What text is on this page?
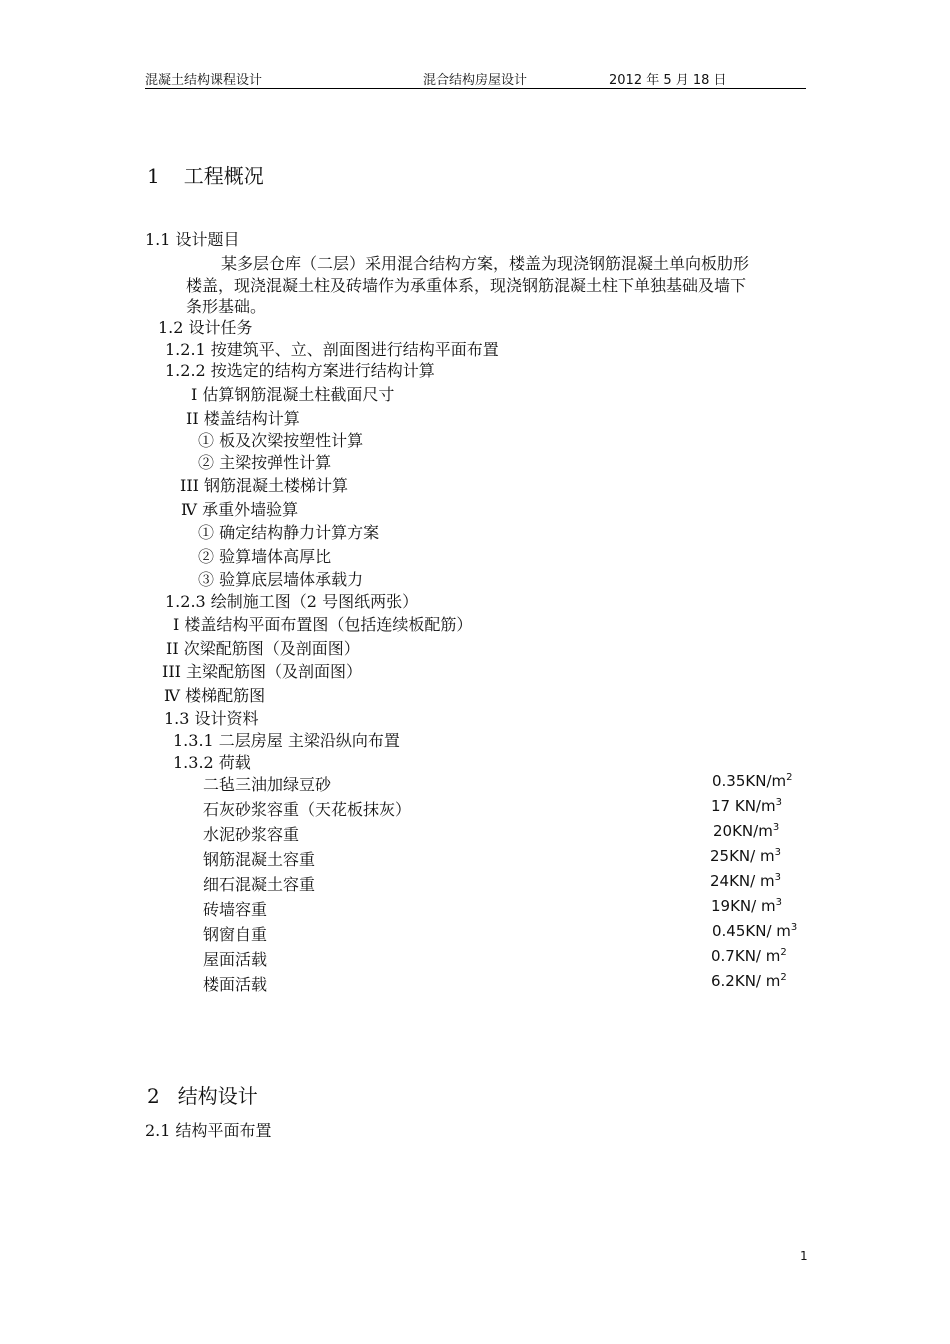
混凝土结构课程设计	混合结构房屋设计	2012 年 5 月 18 日
1 工程概况
1.1 设计题目
某多层仓库（二层）采用混合结构方案，楼盖为现浇钢筋混凝土单向板肋形
楼盖，现浇混凝土柱及砖墙作为承重体系，现浇钢筋混凝土柱下单独基础及墙下
条形基础。
1.2 设计任务
1.2.1 按建筑平、立、剖面图进行结构平面布置
1.2.2 按选定的结构方案进行结构计算
I 估算钢筋混凝土柱截面尺寸
II 楼盖结构计算
① 板及次梁按塑性计算
② 主梁按弹性计算
III 钢筋混凝土楼梯计算
Ⅳ 承重外墙验算
① 确定结构静力计算方案
② 验算墙体高厚比
③ 验算底层墙体承载力
1.2.3 绘制施工图（2 号图纸两张）
I 楼盖结构平面布置图（包括连续板配筋）
II 次梁配筋图（及剖面图）
III 主梁配筋图（及剖面图）
Ⅳ 楼梯配筋图
1.3 设计资料
1.3.1 二层房屋 主梁沿纵向布置
1.3.2 荷载
二毡三油加绿豆砂	$0.35KN/m^2$
石灰砂浆容重（天花板抹灰）	17 $KN/m^3$
水泥砂浆容重	$20KN/m^3$
钢筋混凝土容重	25KN/ $m^3$
细石混凝土容重	24KN/ $m^3$
砖墙容重	19KN/ $m^3$
钢窗自重	0.45KN/ $m^3$
屋面活载	0.7KN/ $m^2$
楼面活载	6.2KN/ $m^2$
2 结构设计
2.1 结构平面布置
1
